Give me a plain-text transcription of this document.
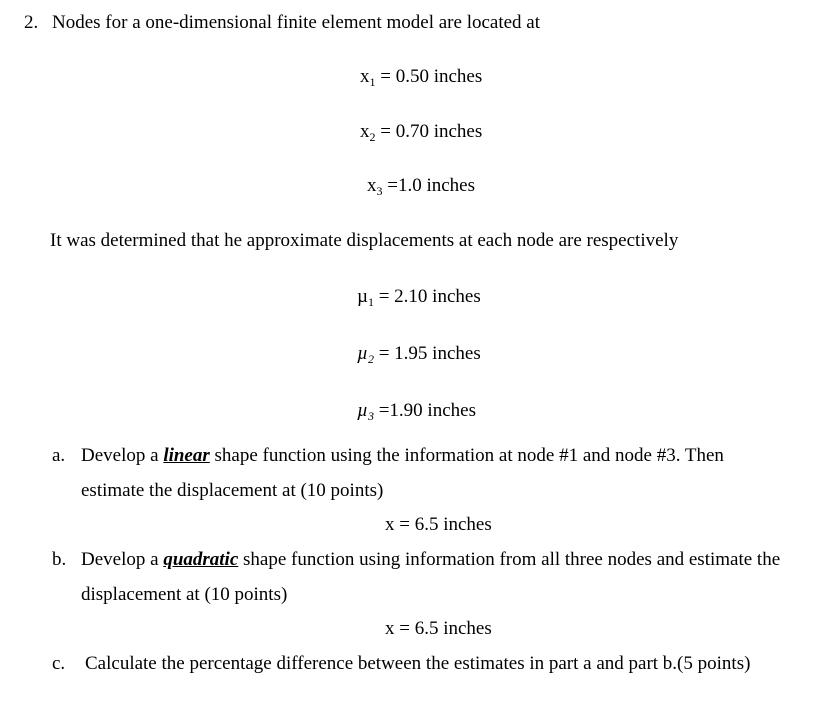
2. Nodes for a one-dimensional finite element model are located at
$x_1 = 0.50$ inches
$x_2 = 0.70$ inches
$x_3 =1.0$ inches
It was determined that he approximate displacements at each node are respectively
µ$_1$ = 2.10 inches
µ$_2$ = 1.95 inches
µ$_3$ =1.90 inches
a. Develop a linear shape function using the information at node #1 and node #3. Then
estimate the displacement at (10 points)
x = 6.5 inches
b. Develop a quadratic shape function using information from all three nodes and estimate the
displacement at (10 points)
x = 6.5 inches
c. Calculate the percentage difference between the estimates in part a and part b.(5 points)
